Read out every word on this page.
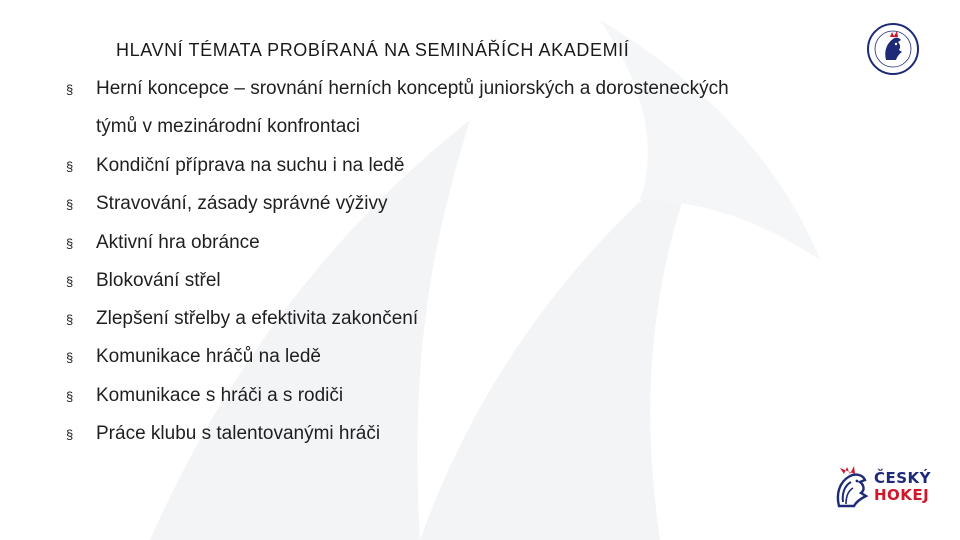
HLAVNÍ TÉMATA PROBÍRANÁ NA SEMINÁŘÍCH AKADEMIÍ
§ Herní koncepce – srovnání herních konceptů juniorských a dorosteneckých
týmů v mezinárodní konfrontaci
§ Kondiční příprava na suchu i na ledě
§ Stravování, zásady správné výživy
§ Aktivní hra obránce
§ Blokování střel
§ Zlepšení střelby a efektivita zakončení
§ Komunikace hráčů na ledě
§ Komunikace s hráči a s rodiči
§ Práce klubu s talentovanými hráči
ČESKÝ
HOKEJ
